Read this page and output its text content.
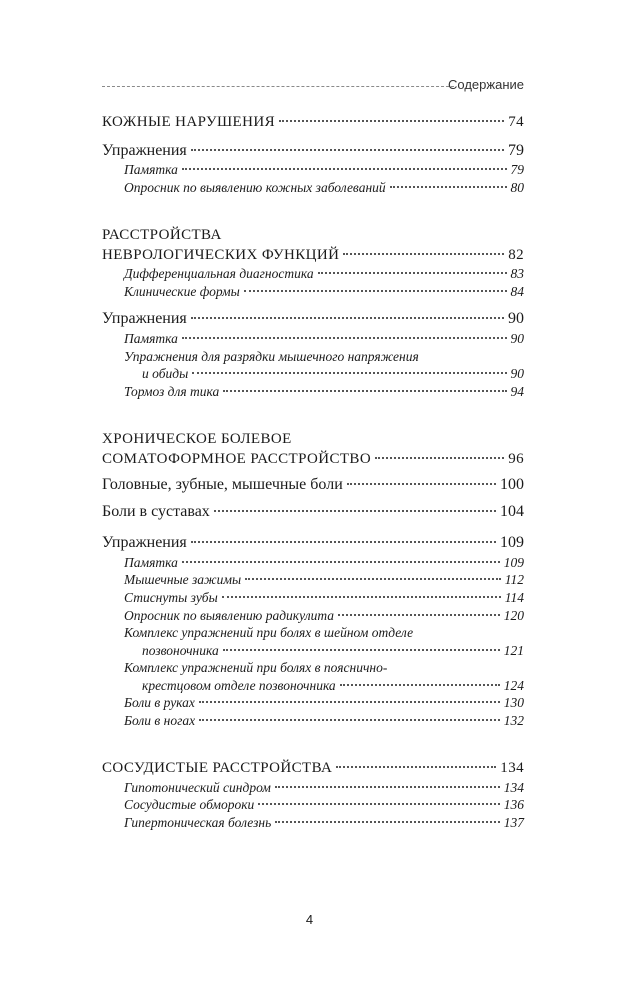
Содержание
КОЖНЫЕ НАРУШЕНИЯ	74
Упражнения	79
Памятка	79
Опросник по выявлению кожных заболеваний	80
РАССТРОЙСТВА
НЕВРОЛОГИЧЕСКИХ ФУНКЦИЙ	82
Дифференциальная диагностика	83
Клинические формы	84
Упражнения	90
Памятка	90
Упражнения для разрядки мышечного напряжения
и обиды	90
Тормоз для тика	94
ХРОНИЧЕСКОЕ БОЛЕВОЕ
СОМАТОФОРМНОЕ РАССТРОЙСТВО	96
Головные, зубные, мышечные боли	100
Боли в суставах	104
Упражнения	109
Памятка	109
Мышечные зажимы	112
Стиснуты зубы	114
Опросник по выявлению радикулита	120
Комплекс упражнений при болях в шейном отделе
позвоночника	121
Комплекс упражнений при болях в пояснично-
крестцовом отделе позвоночника	124
Боли в руках	130
Боли в ногах	132
СОСУДИСТЫЕ РАССТРОЙСТВА	134
Гипотонический синдром	134
Сосудистые обмороки	136
Гипертоническая болезнь	137
4
